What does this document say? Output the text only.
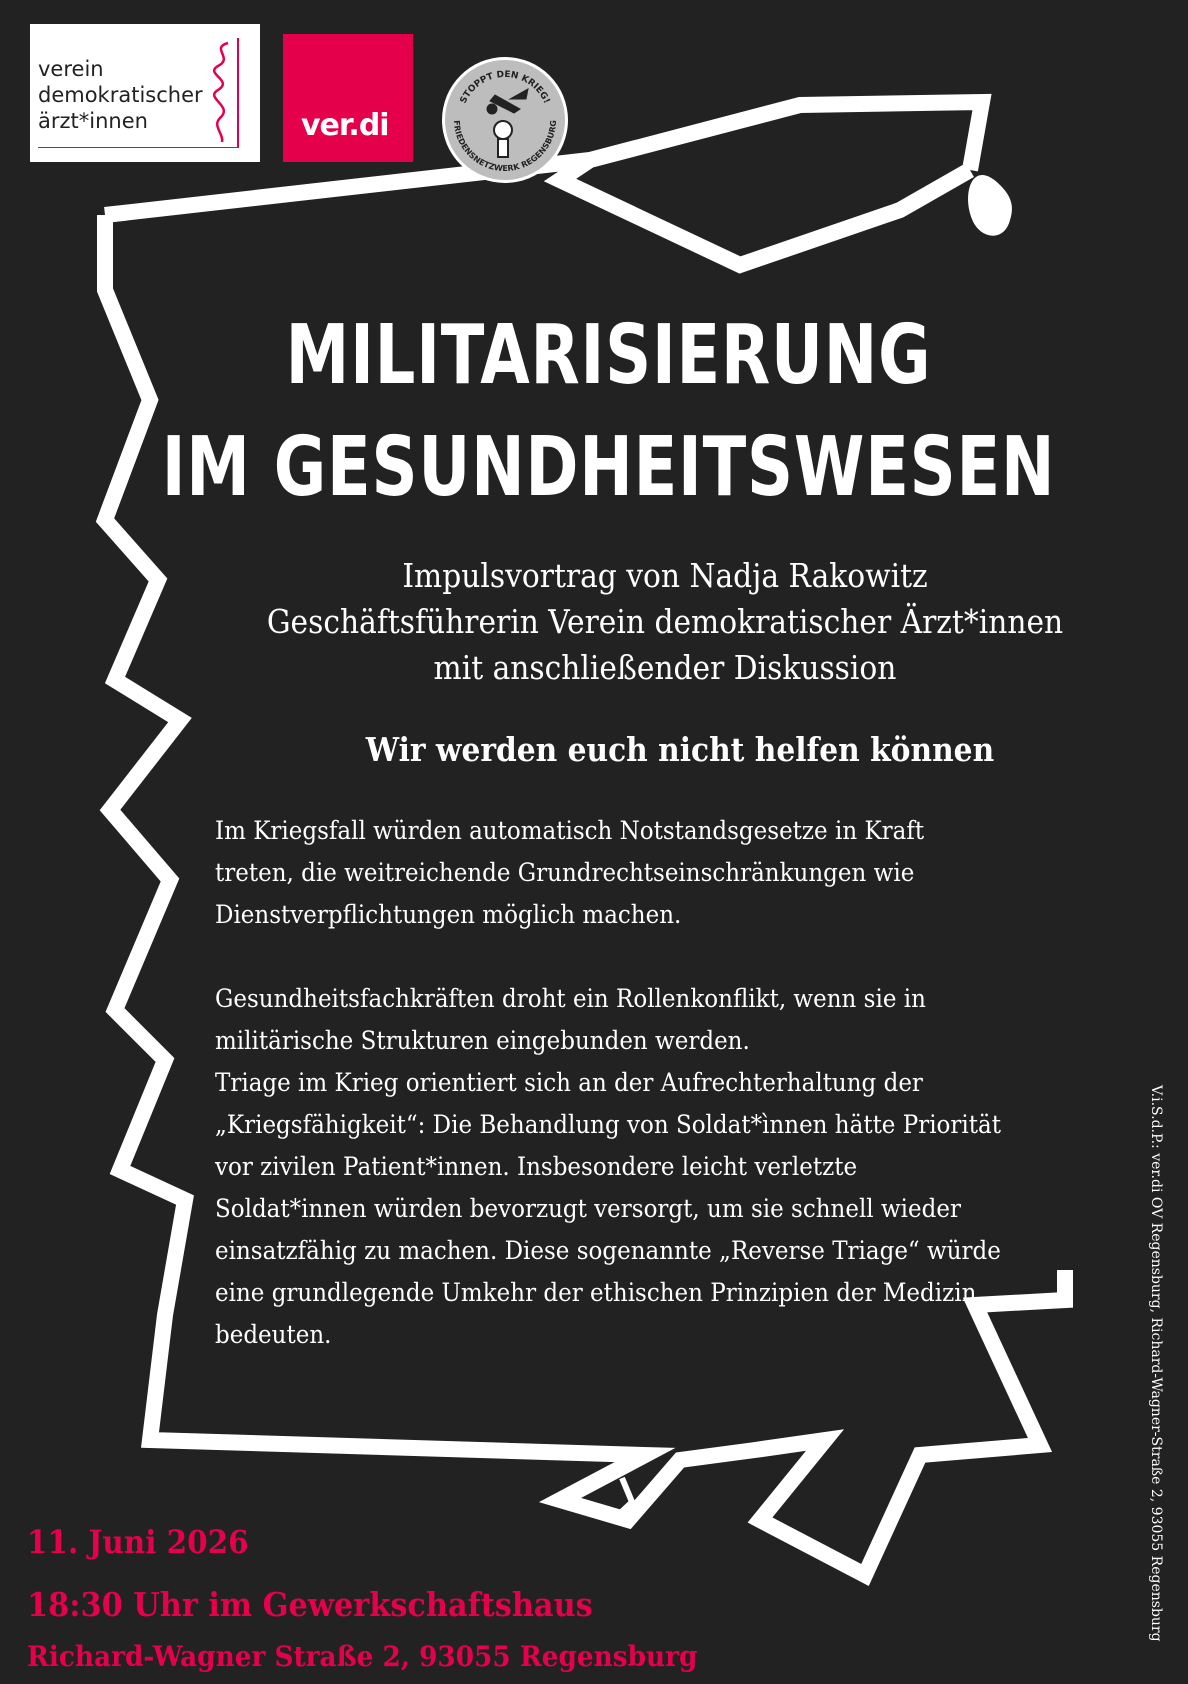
verein
demokratischer
ärzt*innen	ver.di
STOPPT DEN KRIEG!
FRIEDENSNETZWERK REGENSBURG
MILITARISIERUNG
IM GESUNDHEITSWESEN
Impulsvortrag von Nadja Rakowitz
Geschäftsführerin Verein demokratischer Ärzt*innen
mit anschließender Diskussion
Wir werden euch nicht helfen können

Im Kriegsfall würden automatisch Notstandsgesetze in Kraft

treten, die weitreichende Grundrechtseinschränkungen wie

Dienstverpflichtungen möglich machen.

Gesundheitsfachkräften droht ein Rollenkonflikt, wenn sie in

militärische Strukturen eingebunden werden.

Triage im Krieg orientiert sich an der Aufrechterhaltung der

„Kriegsfähigkeit“: Die Behandlung von Soldat*ìnnen hätte Priorität

vor zivilen Patient*innen. Insbesondere leicht verletzte

Soldat*innen würden bevorzugt versorgt, um sie schnell wieder

einsatzfähig zu machen. Diese sogenannte „Reverse Triage“ würde

eine grundlegende Umkehr der ethischen Prinzipien der Medizin

bedeuten.

11. Juni 2026
18:30 Uhr im Gewerkschaftshaus
Richard-Wagner Straße 2, 93055 Regensburg
V.i.S.d.P.: ver.di OV Regensburg, Richard-Wagner-Straße 2, 93055 Regensburg
